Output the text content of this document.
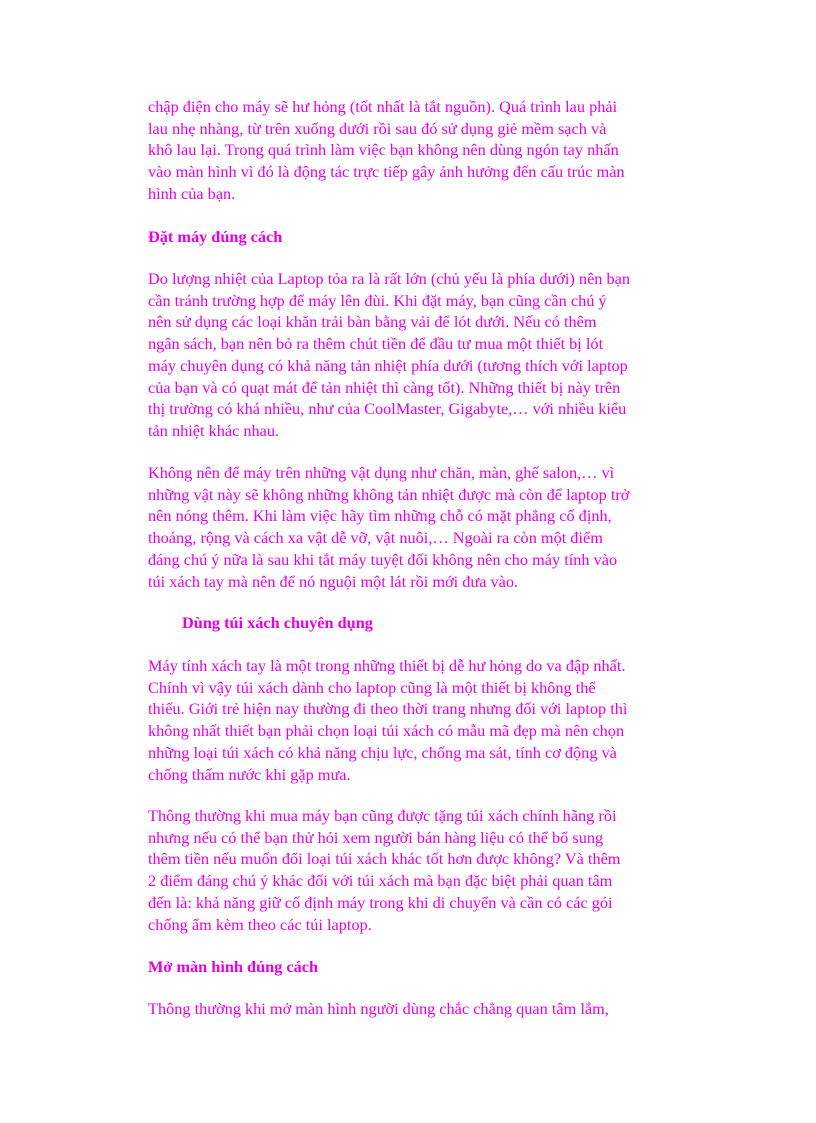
chập điện cho máy sẽ hư hỏng (tốt nhất là tắt nguồn). Quá trình lau phải
lau nhẹ nhàng, từ trên xuống dưới rồi sau đó sử dụng giẻ mềm sạch và
khô lau lại. Trong quá trình làm việc bạn không nên dùng ngón tay nhấn
vào màn hình vì đó là động tác trực tiếp gây ảnh hưởng đến cấu trúc màn
hình của bạn.

Đặt máy đúng cách

Do lượng nhiệt của Laptop tỏa ra là rất lớn (chủ yếu là phía dưới) nên bạn
cần tránh trường hợp để máy lên đùi. Khi đặt máy, bạn cũng cần chú ý
nên sử dụng các loại khăn trải bàn bằng vải để lót dưới. Nếu có thêm
ngân sách, bạn nên bỏ ra thêm chút tiền để đầu tư mua một thiết bị lót
máy chuyên dụng có khả năng tản nhiệt phía dưới (tương thích với laptop
của bạn và có quạt mát để tản nhiệt thì càng tốt). Những thiết bị này trên
thị trường có khá nhiều, như của CoolMaster, Gigabyte,… với nhiều kiểu
tản nhiệt khác nhau.

Không nên để máy trên những vật dụng như chăn, màn, ghế salon,… vì
những vật này sẽ không những không tản nhiệt được mà còn để laptop trở
nên nóng thêm. Khi làm việc hãy tìm những chỗ có mặt phẳng cố định,
thoáng, rộng và cách xa vật dễ vỡ, vật nuôi,… Ngoài ra còn một điểm
đáng chú ý nữa là sau khi tắt máy tuyệt đối không nên cho máy tính vào
túi xách tay mà nên để nó nguội một lát rồi mới đưa vào.

Dùng túi xách chuyên dụng

Máy tính xách tay là một trong những thiết bị dễ hư hỏng do va đập nhất.
Chính vì vậy túi xách dành cho laptop cũng là một thiết bị không thể
thiếu. Giới trẻ hiện nay thường đi theo thời trang nhưng đối với laptop thì
không nhất thiết bạn phải chọn loại túi xách có mẫu mã đẹp mà nên chọn
những loại túi xách có khả năng chịu lực, chống ma sát, tính cơ động và
chống thấm nước khi gặp mưa.

Thông thường khi mua máy bạn cũng được tặng túi xách chính hãng rồi
nhưng nếu có thể bạn thử hỏi xem người bán hàng liệu có thể bổ sung
thêm tiền nếu muốn đổi loại túi xách khác tốt hơn được không? Và thêm
2 điểm đáng chú ý khác đối với túi xách mà bạn đặc biệt phải quan tâm
đến là: khả năng giữ cố định máy trong khi di chuyển và cần có các gói
chống ẩm kèm theo các túi laptop.

Mở màn hình đúng cách

Thông thường khi mở màn hình người dùng chắc chẳng quan tâm lắm,
